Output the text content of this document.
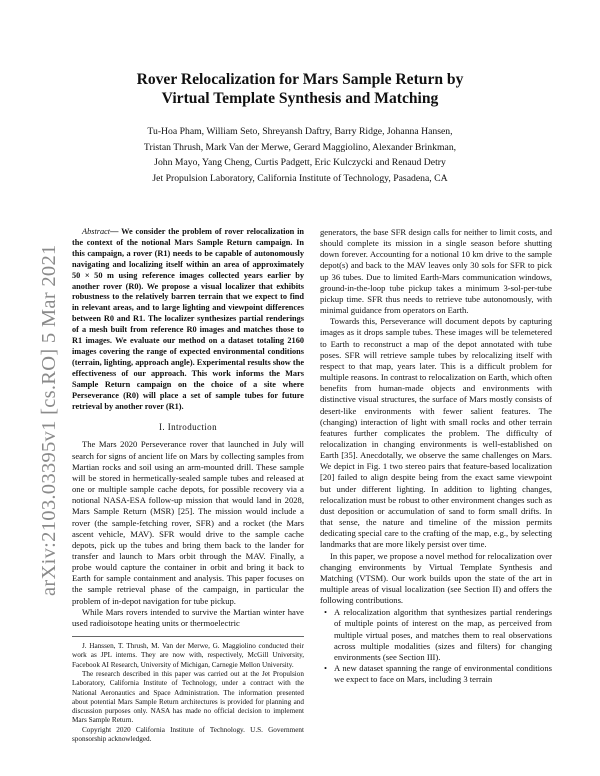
Rover Relocalization for Mars Sample Return by
Virtual Template Synthesis and Matching
Tu-Hoa Pham, William Seto, Shreyansh Daftry, Barry Ridge, Johanna Hansen,
Tristan Thrush, Mark Van der Merwe, Gerard Maggiolino, Alexander Brinkman,
John Mayo, Yang Cheng, Curtis Padgett, Eric Kulczycki and Renaud Detry
Jet Propulsion Laboratory, California Institute of Technology, Pasadena, CA
arXiv:2103.03395v1 [cs.RO] 5 Mar 2021

Abstract— We consider the problem of rover relocalization in the context of the notional Mars Sample Return campaign. In this campaign, a rover (R1) needs to be capable of autonomously navigating and localizing itself within an area of approximately 50 × 50 m using reference images collected years earlier by another rover (R0). We propose a visual localizer that exhibits robustness to the relatively barren terrain that we expect to find in relevant areas, and to large lighting and viewpoint differences between R0 and R1. The localizer synthesizes partial renderings of a mesh built from reference R0 images and matches those to R1 images. We evaluate our method on a dataset totaling 2160 images covering the range of expected environmental conditions (terrain, lighting, approach angle). Experimental results show the effectiveness of our approach. This work informs the Mars Sample Return campaign on the choice of a site where Perseverance (R0) will place a set of sample tubes for future retrieval by another rover (R1).

I. Introduction

The Mars 2020 Perseverance rover that launched in July will search for signs of ancient life on Mars by collecting samples from Martian rocks and soil using an arm-mounted drill. These sample will be stored in hermetically-sealed sample tubes and released at one or multiple sample cache depots, for possible recovery via a notional NASA-ESA follow-up mission that would land in 2028, Mars Sample Return (MSR) [25]. The mission would include a rover (the sample-fetching rover, SFR) and a rocket (the Mars ascent vehicle, MAV). SFR would drive to the sample cache depots, pick up the tubes and bring them back to the lander for transfer and launch to Mars orbit through the MAV. Finally, a probe would capture the container in orbit and bring it back to Earth for sample containment and analysis. This paper focuses on the sample retrieval phase of the campaign, in particular the problem of in-depot navigation for tube pickup.

While Mars rovers intended to survive the Martian winter have used radioisotope heating units or thermoelectric

J. Hanssen, T. Thrush, M. Van der Merwe, G. Maggiolino conducted their work as JPL interns. They are now with, respectively, McGill University, Facebook AI Research, University of Michigan, Carnegie Mellon University.

The research described in this paper was carried out at the Jet Propulsion Laboratory, California Institute of Technology, under a contract with the National Aeronautics and Space Administration. The information presented about potential Mars Sample Return architectures is provided for planning and discussion purposes only. NASA has made no official decision to implement Mars Sample Return.

Copyright 2020 California Institute of Technology. U.S. Government sponsorship acknowledged.

generators, the base SFR design calls for neither to limit costs, and should complete its mission in a single season before shutting down forever. Accounting for a notional 10 km drive to the sample depot(s) and back to the MAV leaves only 30 sols for SFR to pick up 36 tubes. Due to limited Earth-Mars communication windows, ground-in-the-loop tube pickup takes a minimum 3-sol-per-tube pickup time. SFR thus needs to retrieve tube autonomously, with minimal guidance from operators on Earth.

Towards this, Perseverance will document depots by capturing images as it drops sample tubes. These images will be telemetered to Earth to reconstruct a map of the depot annotated with tube poses. SFR will retrieve sample tubes by relocalizing itself with respect to that map, years later. This is a difficult problem for multiple reasons. In contrast to relocalization on Earth, which often benefits from human-made objects and environments with distinctive visual structures, the surface of Mars mostly consists of desert-like environments with fewer salient features. The (changing) interaction of light with small rocks and other terrain features further complicates the problem. The difficulty of relocalization in changing environments is well-established on Earth [35]. Anecdotally, we observe the same challenges on Mars. We depict in Fig. 1 two stereo pairs that feature-based localization [20] failed to align despite being from the exact same viewpoint but under different lighting. In addition to lighting changes, relocalization must be robust to other environment changes such as dust deposition or accumulation of sand to form small drifts. In that sense, the nature and timeline of the mission permits dedicating special care to the crafting of the map, e.g., by selecting landmarks that are more likely persist over time.

In this paper, we propose a novel method for relocalization over changing environments by Virtual Template Synthesis and Matching (VTSM). Our work builds upon the state of the art in multiple areas of visual localization (see Section II) and offers the following contributions.

• A relocalization algorithm that synthesizes partial renderings of multiple points of interest on the map, as perceived from multiple virtual poses, and matches them to real observations across multiple modalities (sizes and filters) for changing environments (see Section III).
• A new dataset spanning the range of environmental conditions we expect to face on Mars, including 3 terrain
